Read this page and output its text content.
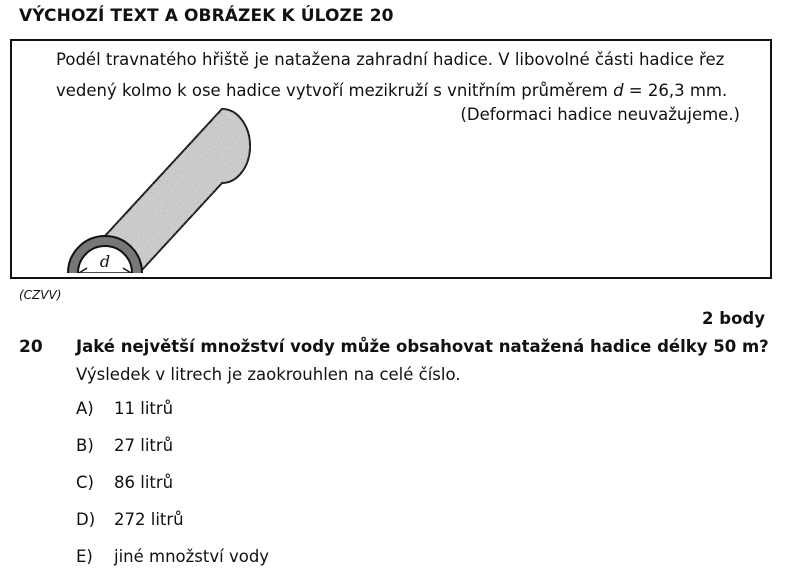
VÝCHOZÍ TEXT A OBRÁZEK K ÚLOZE 20
Podél travnatého hřiště je natažena zahradní hadice. V libovolné části hadice řez
vedený kolmo k ose hadice vytvoří mezikruží s vnitřním průměrem d = 26,3 mm.
(Deformaci hadice neuvažujeme.)
d
(CZVV)
2 body
20 Jaké největší množství vody může obsahovat natažená hadice délky 50 m?
Výsledek v litrech je zaokrouhlen na celé číslo.
A) 11 litrů
B) 27 litrů
C) 86 litrů
D) 272 litrů
E) jiné množství vody
